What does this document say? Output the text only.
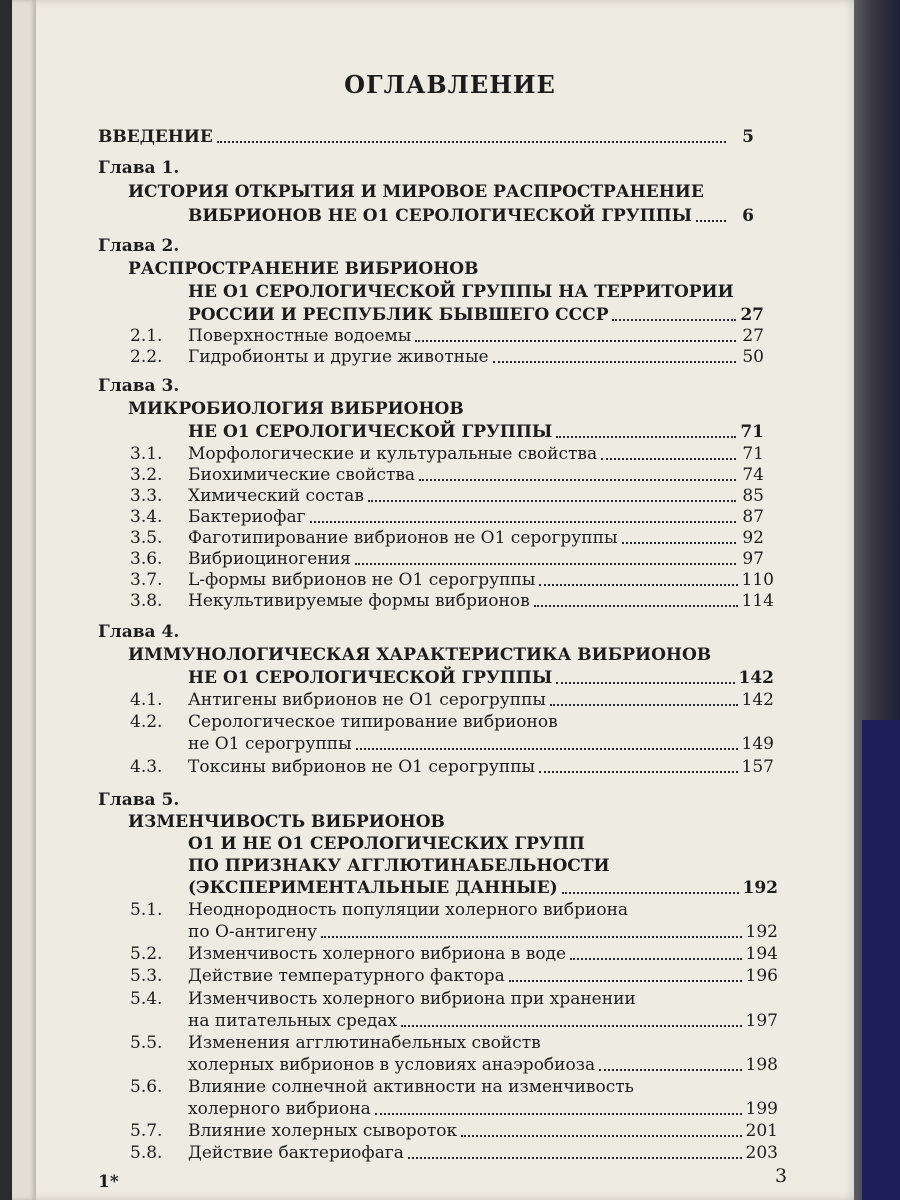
ОГЛАВЛЕНИЕ
ВВЕДЕНИЕ	5
Глава 1.
ИСТОРИЯ ОТКРЫТИЯ И МИРОВОЕ РАСПРОСТРАНЕНИЕ
ВИБРИОНОВ НЕ О1 СЕРОЛОГИЧЕСКОЙ ГРУППЫ	6
Глава 2.
РАСПРОСТРАНЕНИЕ ВИБРИОНОВ
НЕ О1 СЕРОЛОГИЧЕСКОЙ ГРУППЫ НА ТЕРРИТОРИИ
РОССИИ И РЕСПУБЛИК БЫВШЕГО СССР	27
2.1. Поверхностные водоемы	27
2.2. Гидробионты и другие животные	50
Глава 3.
МИКРОБИОЛОГИЯ ВИБРИОНОВ
НЕ О1 СЕРОЛОГИЧЕСКОЙ ГРУППЫ	71
3.1. Морфологические и культуральные свойства	71
3.2. Биохимические свойства	74
3.3. Химический состав	85
3.4. Бактериофаг	87
3.5. Фаготипирование вибрионов не О1 серогруппы	92
3.6. Вибриоциногения	97
3.7. L-формы вибрионов не О1 серогруппы	110
3.8. Некультивируемые формы вибрионов	114
Глава 4.
ИММУНОЛОГИЧЕСКАЯ ХАРАКТЕРИСТИКА ВИБРИОНОВ
НЕ О1 СЕРОЛОГИЧЕСКОЙ ГРУППЫ	142
4.1. Антигены вибрионов не О1 серогруппы	142
4.2. Серологическое типирование вибрионов
не О1 серогруппы	149
4.3. Токсины вибрионов не О1 серогруппы	157
Глава 5.
ИЗМЕНЧИВОСТЬ ВИБРИОНОВ
О1 И НЕ О1 СЕРОЛОГИЧЕСКИХ ГРУПП
ПО ПРИЗНАКУ АГГЛЮТИНАБЕЛЬНОСТИ
(ЭКСПЕРИМЕНТАЛЬНЫЕ ДАННЫЕ)	192
5.1. Неоднородность популяции холерного вибриона
по О-антигену	192
5.2. Изменчивость холерного вибриона в воде	194
5.3. Действие температурного фактора	196
5.4. Изменчивость холерного вибриона при хранении
на питательных средах	197
5.5. Изменения агглютинабельных свойств
холерных вибрионов в условиях анаэробиоза	198
5.6. Влияние солнечной активности на изменчивость
холерного вибриона	199
5.7. Влияние холерных сывороток	201
5.8. Действие бактериофага	203
1*	3
